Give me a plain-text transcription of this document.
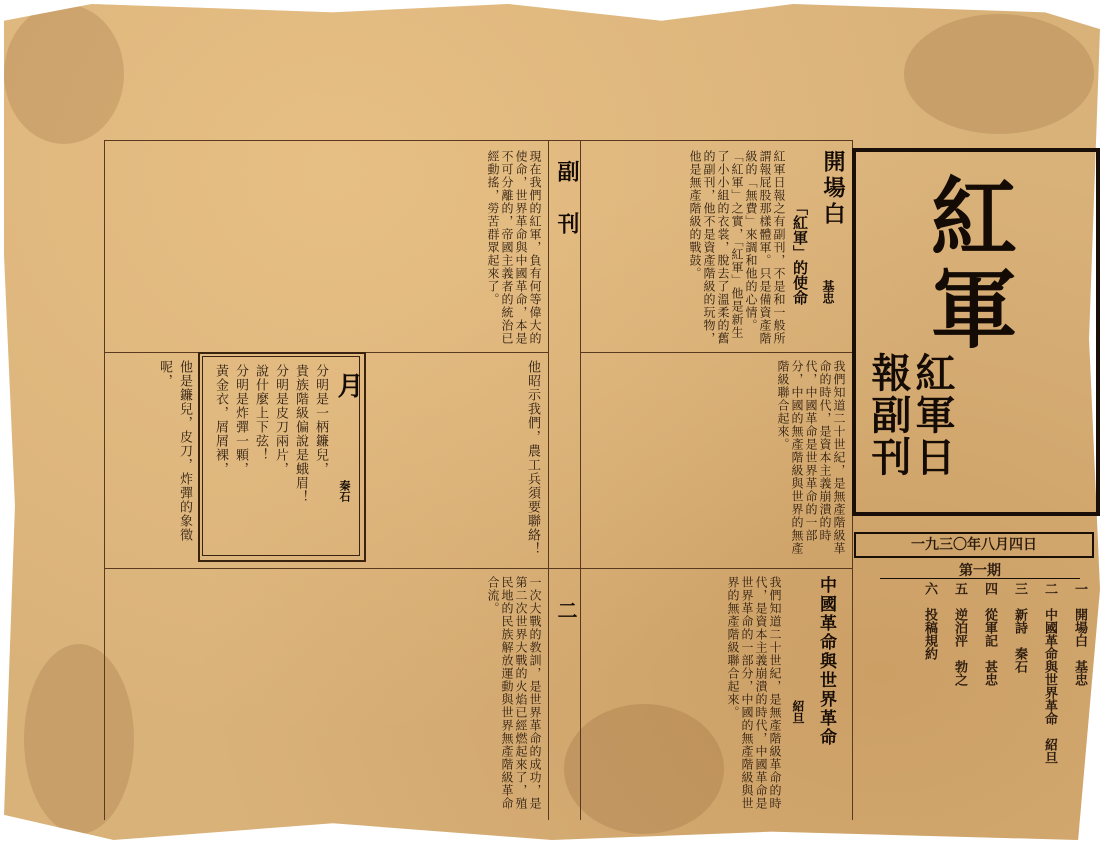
副刊
二
紅軍
紅軍日報副刊
一九三〇年八月四日
第一期
一　開場白　基忠
二　中國革命與世界革命　紹旦
三　新詩　秦石
四　從軍記　甚忠
五　逆泊泙　勃之
六　投稿規約　
開場白
「紅軍」的使命 基忠
紅軍日報之有副刊，不是和一般所謂報屁股那樣體軍。只是備資產階級的「無費」來調和他的心情。「紅軍」之實，「紅軍」他是新生了小小組的衣裳，脫去了溫柔的舊的副刊，他不是資產階級的玩物，他是無產階級的戰鼓。
中國革命與世界革命
紹旦
我們知道二十世紀，是無產階級革命的時代，是資本主義崩潰的時代，中國革命是世界革命的一部分，中國的無產階級與世界的無產階級聯合起來。
我們知道二十世紀，是無產階級革命的時代，是資本主義崩潰的時代，中國革命是世界革命的一部分，中國的無產階級與世界的無產階級聯合起來。
現在我們的紅軍，負有何等偉大的使命，世界革命與中國革命，本是不可分離的，帝國主義者的統治已經動搖，勞苦群眾起來了。
月
秦石
分明是一柄鐮兒，
貴族階級偏說是蛾眉！
分明是皮刀兩片，
說什麼上下弦！
分明是炸彈一顆，
黃金衣，屑屑裸，
他是鐮兒，皮刀，炸彈的象徵呢，	他昭示我們，農工兵須要聯絡！
一次大戰的教訓，是世界革命的成功，是第二次世界大戰的火焰已經燃起來了，殖民地的民族解放運動與世界無產階級革命合流。
